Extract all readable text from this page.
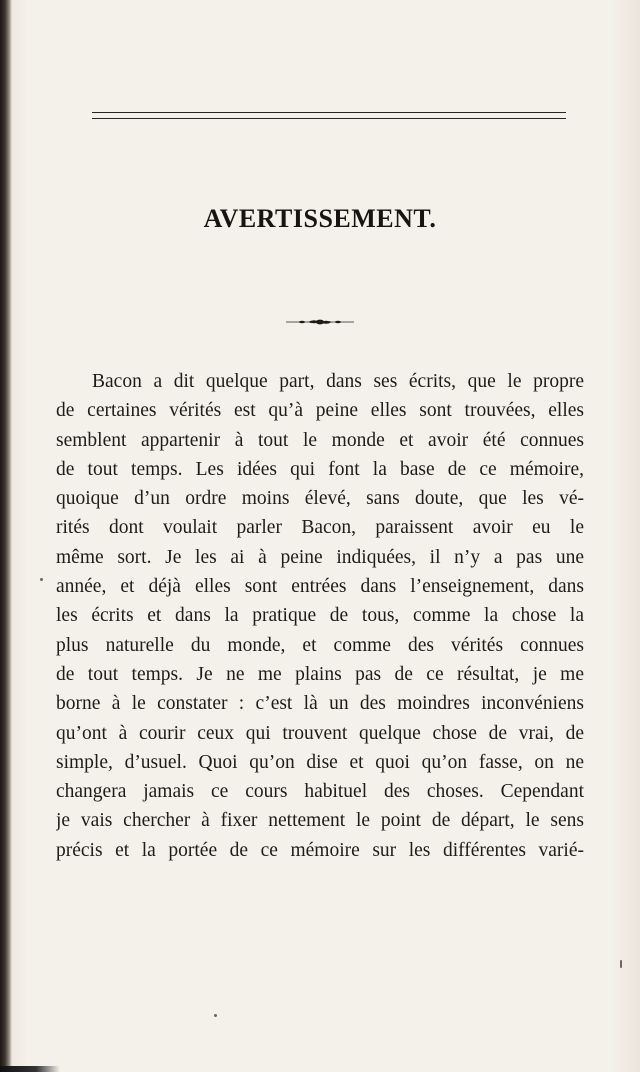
AVERTISSEMENT.
Bacon a dit quelque part, dans ses écrits, que le propre
de certaines vérités est qu’à peine elles sont trouvées, elles
semblent appartenir à tout le monde et avoir été connues
de tout temps. Les idées qui font la base de ce mémoire,
quoique d’un ordre moins élevé, sans doute, que les vé-
rités dont voulait parler Bacon, paraissent avoir eu le
même sort. Je les ai à peine indiquées, il n’y a pas une
année, et déjà elles sont entrées dans l’enseignement, dans
les écrits et dans la pratique de tous, comme la chose la
plus naturelle du monde, et comme des vérités connues
de tout temps. Je ne me plains pas de ce résultat, je me
borne à le constater : c’est là un des moindres inconvéniens
qu’ont à courir ceux qui trouvent quelque chose de vrai, de
simple, d’usuel. Quoi qu’on dise et quoi qu’on fasse, on ne
changera jamais ce cours habituel des choses. Cependant
je vais chercher à fixer nettement le point de départ, le sens
précis et la portée de ce mémoire sur les différentes varié-
